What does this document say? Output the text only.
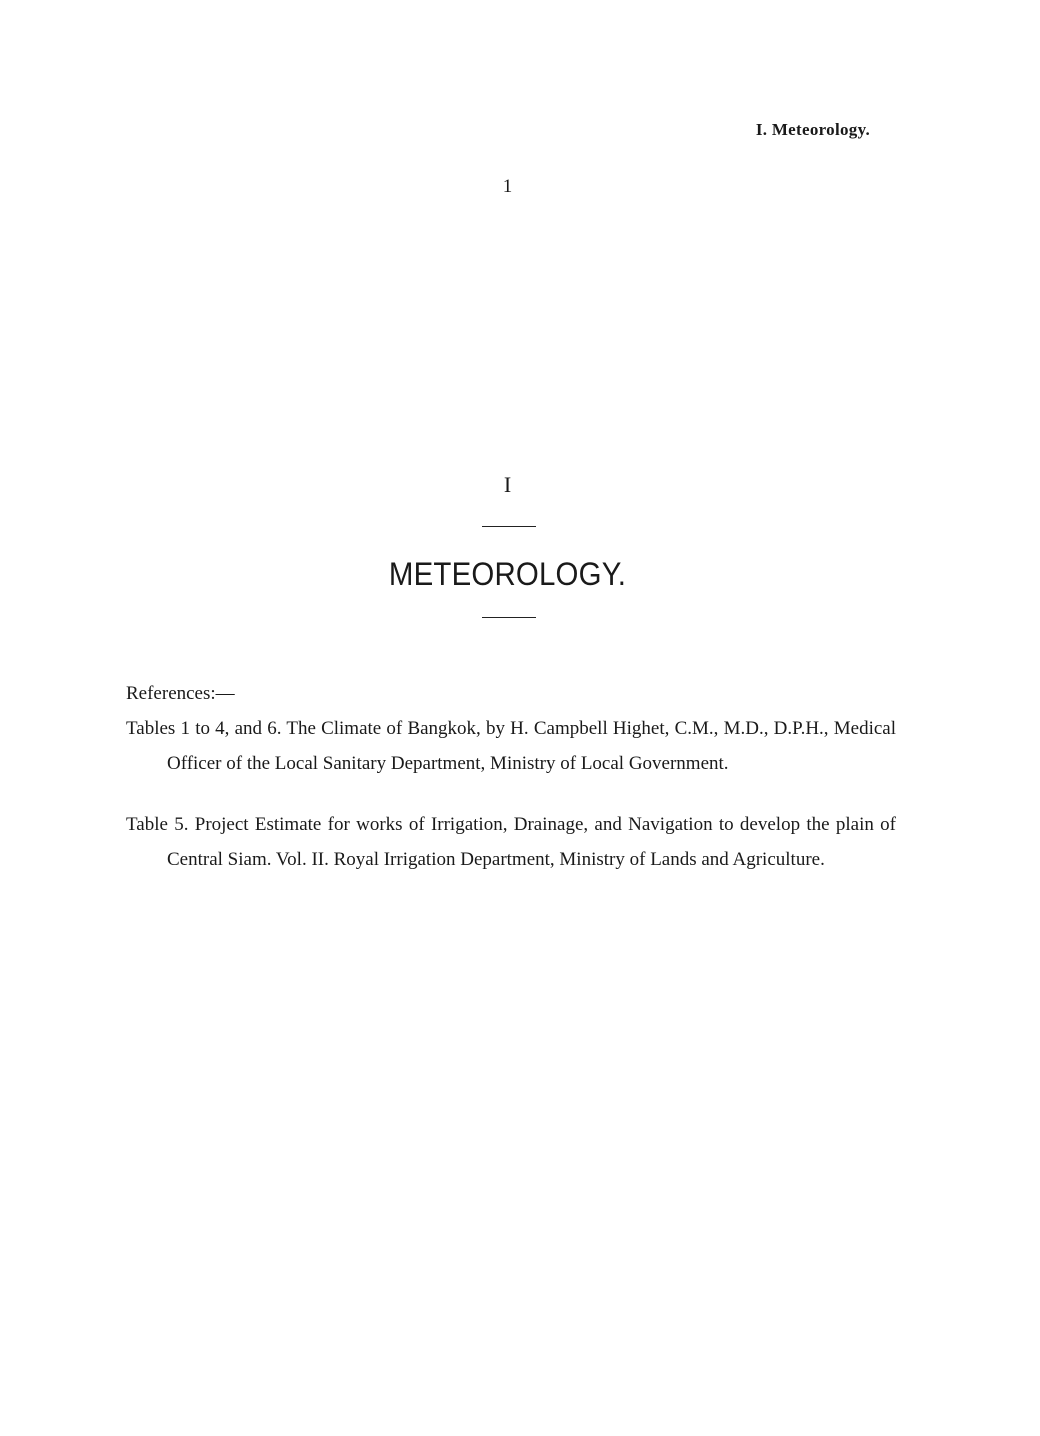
I. Meteorology.
1
I
METEOROLOGY.

References:—

Tables 1 to 4, and 6. The Climate of Bangkok, by H. Campbell Highet, C.M., M.D., D.P.H., Medical Officer of the Local Sanitary Department, Ministry of Local Government.

Table 5. Project Estimate for works of Irrigation, Drainage, and Navigation to develop the plain of Central Siam. Vol. II. Royal Irrigation Department, Ministry of Lands and Agriculture.
